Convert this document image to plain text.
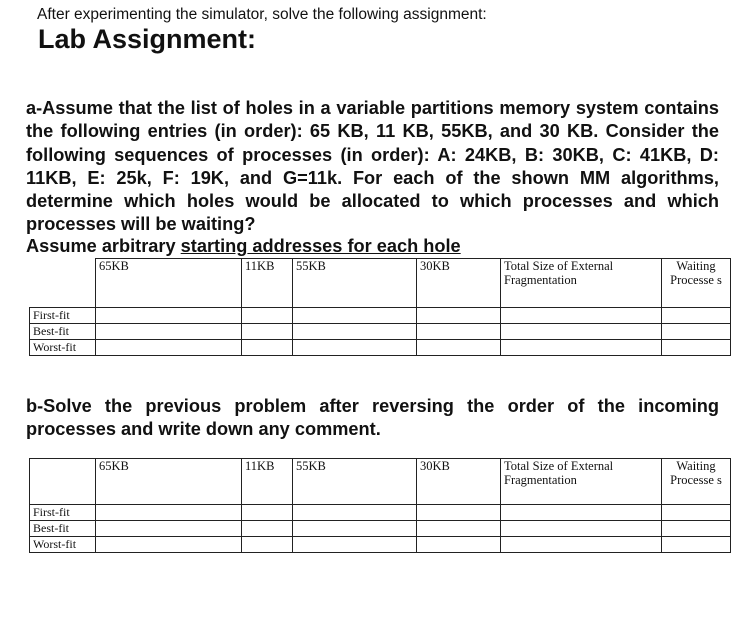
After experimenting the simulator, solve the following assignment:
Lab Assignment:
a-Assume that the list of holes in a variable partitions memory system contains the following entries (in order): 65 KB, 11 KB, 55KB, and 30 KB. Consider the following sequences of processes (in order): A: 24KB, B: 30KB, C: 41KB, D: 11KB, E: 25k, F: 19K, and G=11k. For each of the shown MM algorithms, determine which holes would be allocated to which processes and which processes will be waiting?
Assume arbitrary starting addresses for each hole
	65KB	11KB	55KB	30KB	Total Size of External Fragmentation	Waiting Processe s
First-fit						
Best-fit						
Worst-fit						
b-Solve the previous problem after reversing the order of the incoming processes and write down any comment.
	65KB	11KB	55KB	30KB	Total Size of External Fragmentation	Waiting Processe s
First-fit						
Best-fit						
Worst-fit						
